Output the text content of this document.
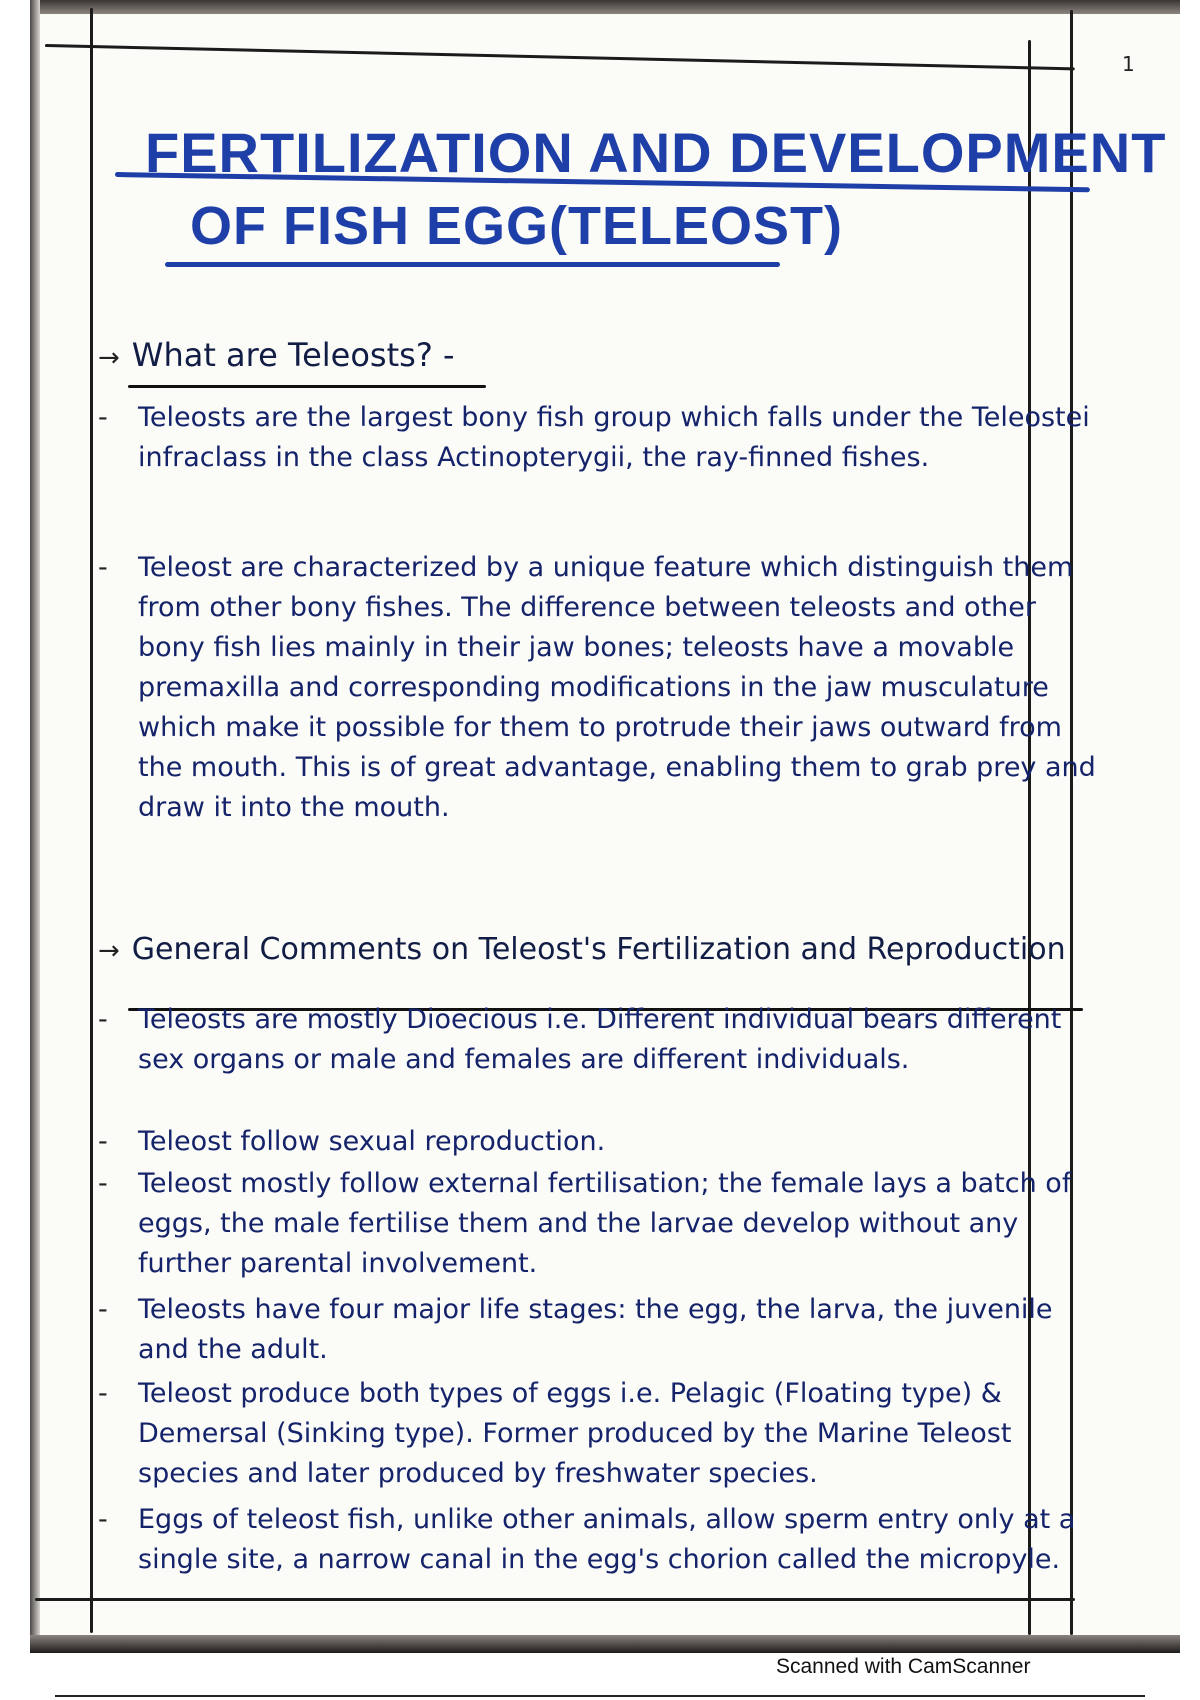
1
FERTILIZATION AND DEVELOPMENT
OF FISH EGG(TELEOST)
→ What are Teleosts? -
-	Teleosts are the largest bony fish group which falls under the Teleostei infraclass in the class Actinopterygii, the ray-finned fishes.
-	Teleost are characterized by a unique feature which distinguish them from other bony fishes. The difference between teleosts and other bony fish lies mainly in their jaw bones; teleosts have a movable premaxilla and corresponding modifications in the jaw musculature which make it possible for them to protrude their jaws outward from the mouth. This is of great advantage, enabling them to grab prey and draw it into the mouth.
→ General Comments on Teleost's Fertilization and Reproduction
-	Teleosts are mostly Dioecious i.e. Different individual bears different sex organs or male and females are different individuals.
-	Teleost follow sexual reproduction.
-	Teleost mostly follow external fertilisation; the female lays a batch of eggs, the male fertilise them and the larvae develop without any further parental involvement.
-	Teleosts have four major life stages: the egg, the larva, the juvenile and the adult.
-	Teleost produce both types of eggs i.e. Pelagic (Floating type) & Demersal (Sinking type). Former produced by the Marine Teleost species and later produced by freshwater species.
-	Eggs of teleost fish, unlike other animals, allow sperm entry only at a single site, a narrow canal in the egg's chorion called the micropyle.
Scanned with CamScanner
